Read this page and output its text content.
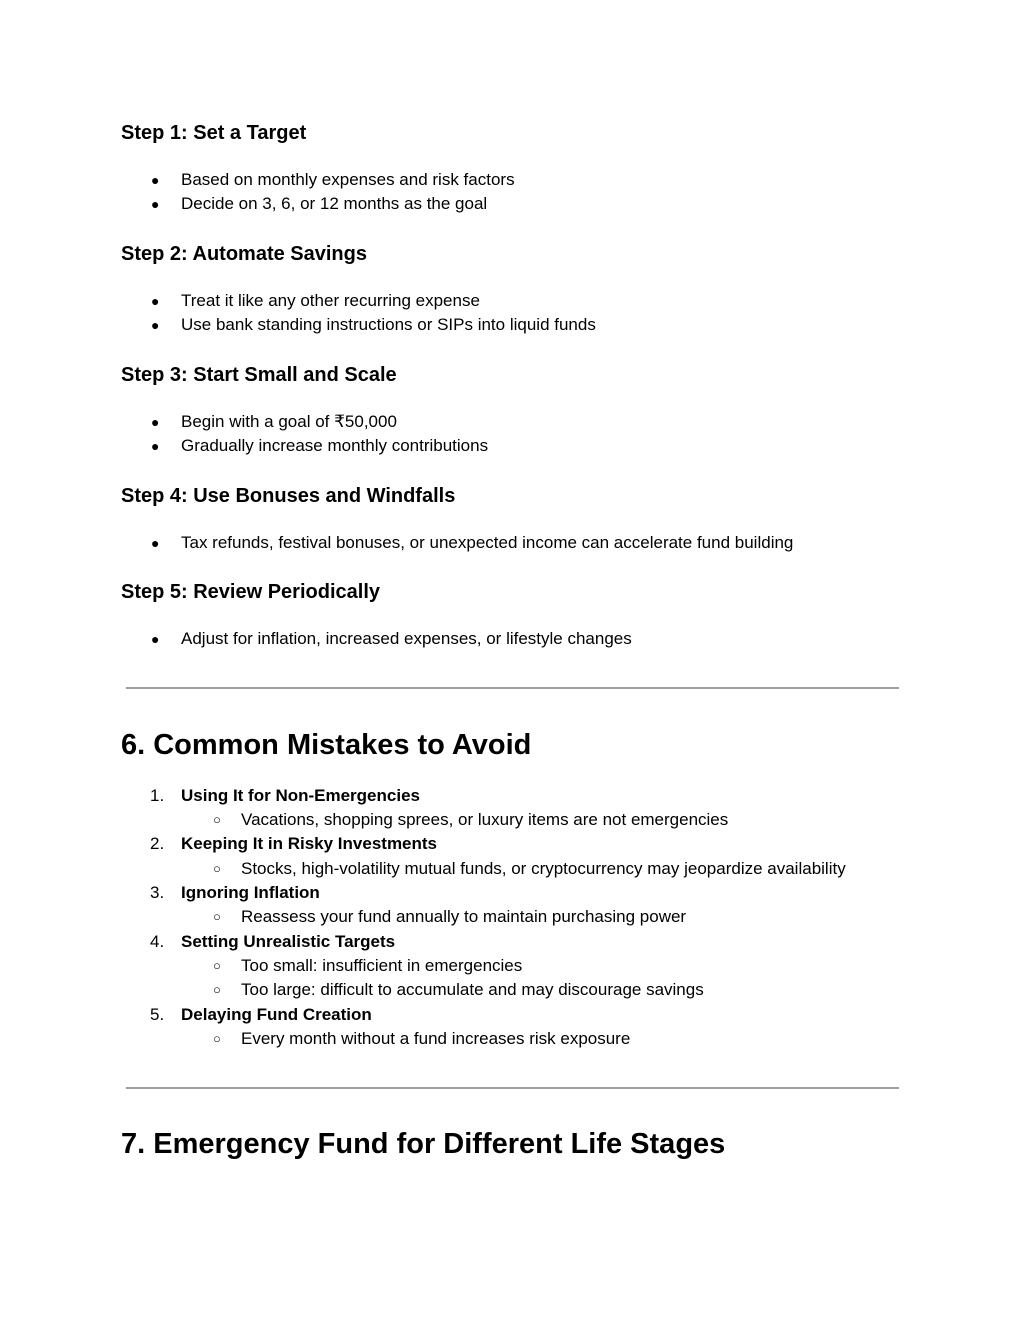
Step 1: Set a Target
●	Based on monthly expenses and risk factors
●	Decide on 3, 6, or 12 months as the goal
Step 2: Automate Savings
●	Treat it like any other recurring expense
●	Use bank standing instructions or SIPs into liquid funds
Step 3: Start Small and Scale
●	Begin with a goal of ₹50,000
●	Gradually increase monthly contributions
Step 4: Use Bonuses and Windfalls
●	Tax refunds, festival bonuses, or unexpected income can accelerate fund building
Step 5: Review Periodically
●	Adjust for inflation, increased expenses, or lifestyle changes
6. Common Mistakes to Avoid
1. Using It for Non-Emergencies
○ Vacations, shopping sprees, or luxury items are not emergencies
2. Keeping It in Risky Investments
○ Stocks, high-volatility mutual funds, or cryptocurrency may jeopardize availability
3. Ignoring Inflation
○ Reassess your fund annually to maintain purchasing power
4. Setting Unrealistic Targets
○ Too small: insufficient in emergencies
○ Too large: difficult to accumulate and may discourage savings
5. Delaying Fund Creation
○ Every month without a fund increases risk exposure
7. Emergency Fund for Different Life Stages
